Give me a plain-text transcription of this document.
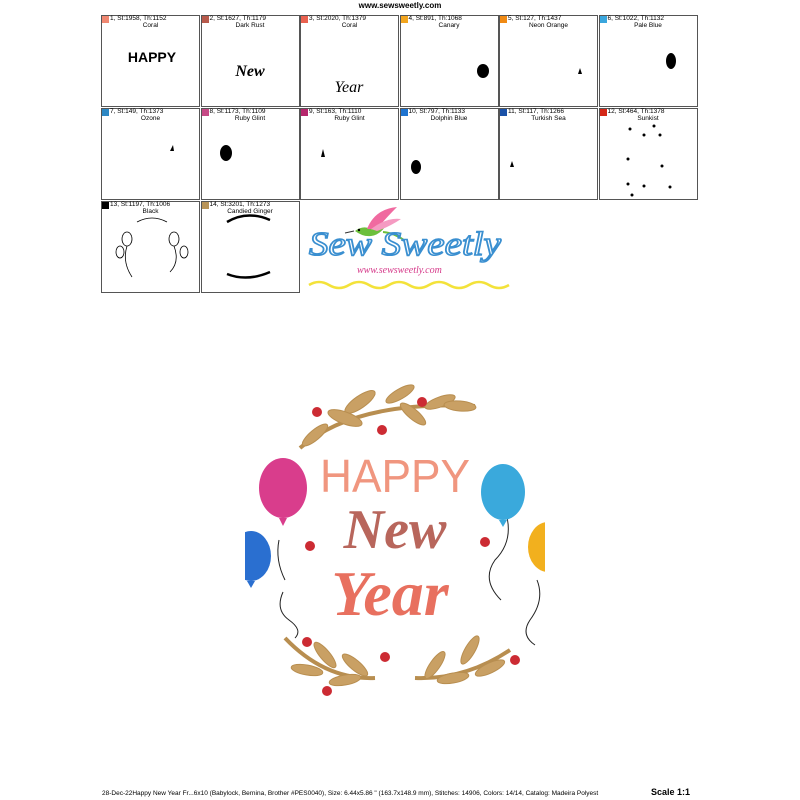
www.sewsweetly.com
1, St:1958, Th:1152
Coral
HAPPY
2, St:1627, Th:1179
Dark Rust
New
3, St:2020, Th:1379
Coral
Year
4, St:891, Th:1068
Canary
5, St:127, Th:1437
Neon Orange
6, St:1022, Th:1132
Pale Blue
7, St:149, Th:1373
Ozone
8, St:1173, Th:1109
Ruby Glint
9, St:163, Th:1110
Ruby Glint
10, St:797, Th:1133
Dolphin Blue
11, St:117, Th:1266
Turkish Sea
12, St:464, Th:1378
Sunkist
13, St:1197, Th:1006
Black
14, St:3201, Th:1273
Candied Ginger
Sew Sweetly
www.sewsweetly.com
HAPPY
New
Year
28-Dec-22Happy New Year Fr...6x10 (Babylock, Bernina, Brother #PES0040), Size: 6.44x5.86 " (163.7x148.9 mm), Stitches: 14906, Colors: 14/14, Catalog: Madeira Polyest	Scale 1:1
